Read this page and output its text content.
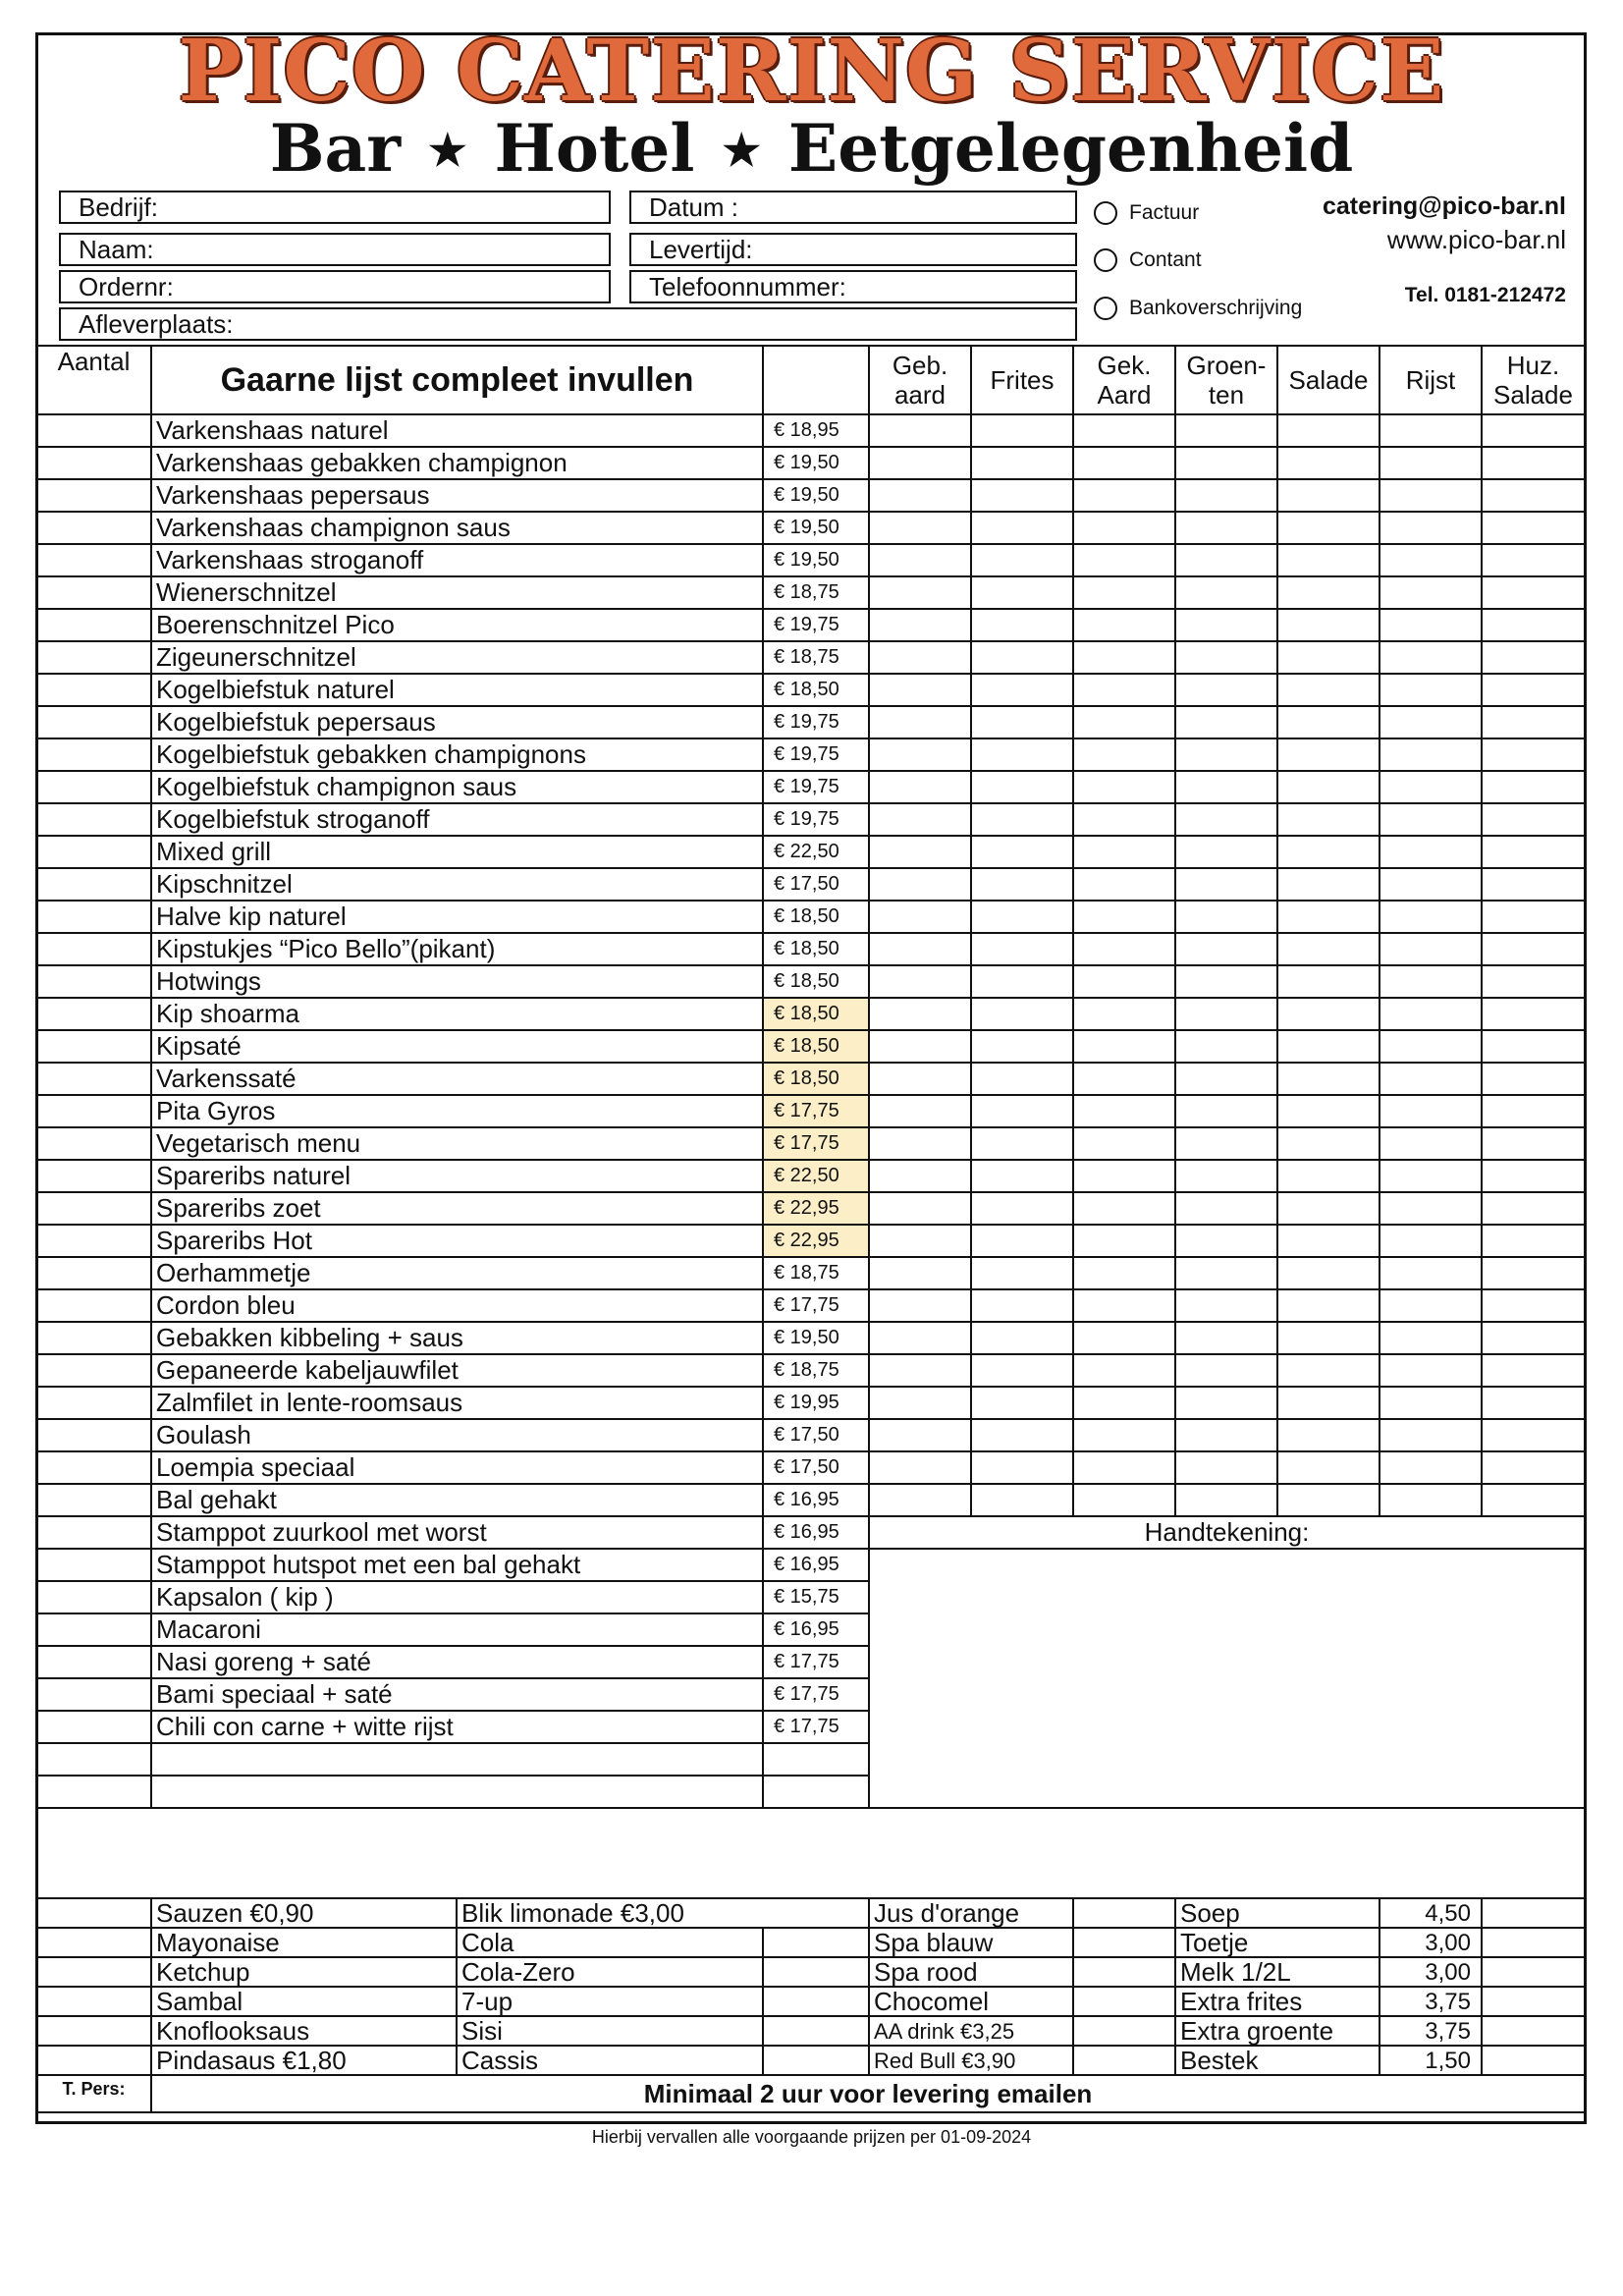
PICO CATERING SERVICE
Bar ★ Hotel ★ Eetgelegenheid
Bedrijf:
Naam:
Ordernr:
Afleverplaats:
Datum :
Levertijd:
Telefoonnummer:
Factuur
Contant
Bankoverschrijving
catering@pico-bar.nl
www.pico-bar.nl
Tel. 0181-212472
Aantal	Gaarne lijst compleet invullen		Geb. aard	Frites	Gek. Aard	Groen- ten	Salade	Rijst	Huz. Salade
	Varkenshaas naturel	€ 18,95							
	Varkenshaas gebakken champignon	€ 19,50							
	Varkenshaas pepersaus	€ 19,50							
	Varkenshaas champignon saus	€ 19,50							
	Varkenshaas stroganoff	€ 19,50							
	Wienerschnitzel	€ 18,75							
	Boerenschnitzel Pico	€ 19,75							
	Zigeunerschnitzel	€ 18,75							
	Kogelbiefstuk naturel	€ 18,50							
	Kogelbiefstuk pepersaus	€ 19,75							
	Kogelbiefstuk gebakken champignons	€ 19,75							
	Kogelbiefstuk champignon saus	€ 19,75							
	Kogelbiefstuk stroganoff	€ 19,75							
	Mixed grill	€ 22,50							
	Kipschnitzel	€ 17,50							
	Halve kip naturel	€ 18,50							
	Kipstukjes “Pico Bello”(pikant)	€ 18,50							
	Hotwings	€ 18,50							
	Kip shoarma	€ 18,50							
	Kipsaté	€ 18,50							
	Varkenssaté	€ 18,50							
	Pita Gyros	€ 17,75							
	Vegetarisch menu	€ 17,75							
	Spareribs naturel	€ 22,50							
	Spareribs zoet	€ 22,95							
	Spareribs Hot	€ 22,95							
	Oerhammetje	€ 18,75							
	Cordon bleu	€ 17,75							
	Gebakken kibbeling + saus	€ 19,50							
	Gepaneerde kabeljauwfilet	€ 18,75							
	Zalmfilet in lente-roomsaus	€ 19,95							
	Goulash	€ 17,50							
	Loempia speciaal	€ 17,50							
	Bal gehakt	€ 16,95							
	Stamppot zuurkool met worst	€ 16,95	Handtekening:						
	Stamppot hutspot met een bal gehakt	€ 16,95							
	Kapsalon ( kip )	€ 15,75							
	Macaroni	€ 16,95							
	Nasi goreng + saté	€ 17,75							
	Bami speciaal + saté	€ 17,75							
	Chili con carne + witte rijst	€ 17,75							

	Sauzen €0,90	Blik limonade €3,00		Jus d'orange		Soep	4,50	
	Mayonaise	Cola		Spa blauw		Toetje	3,00	
	Ketchup	Cola-Zero		Spa rood		Melk 1/2L	3,00	
	Sambal	7-up		Chocomel		Extra frites	3,75	
	Knoflooksaus	Sisi		AA drink €3,25		Extra groente	3,75	
	Pindasaus €1,80	Cassis		Red Bull €3,90		Bestek	1,50	
T. Pers:	Minimaal 2 uur voor levering emailen							
Hierbij vervallen alle voorgaande prijzen per 01-09-2024
